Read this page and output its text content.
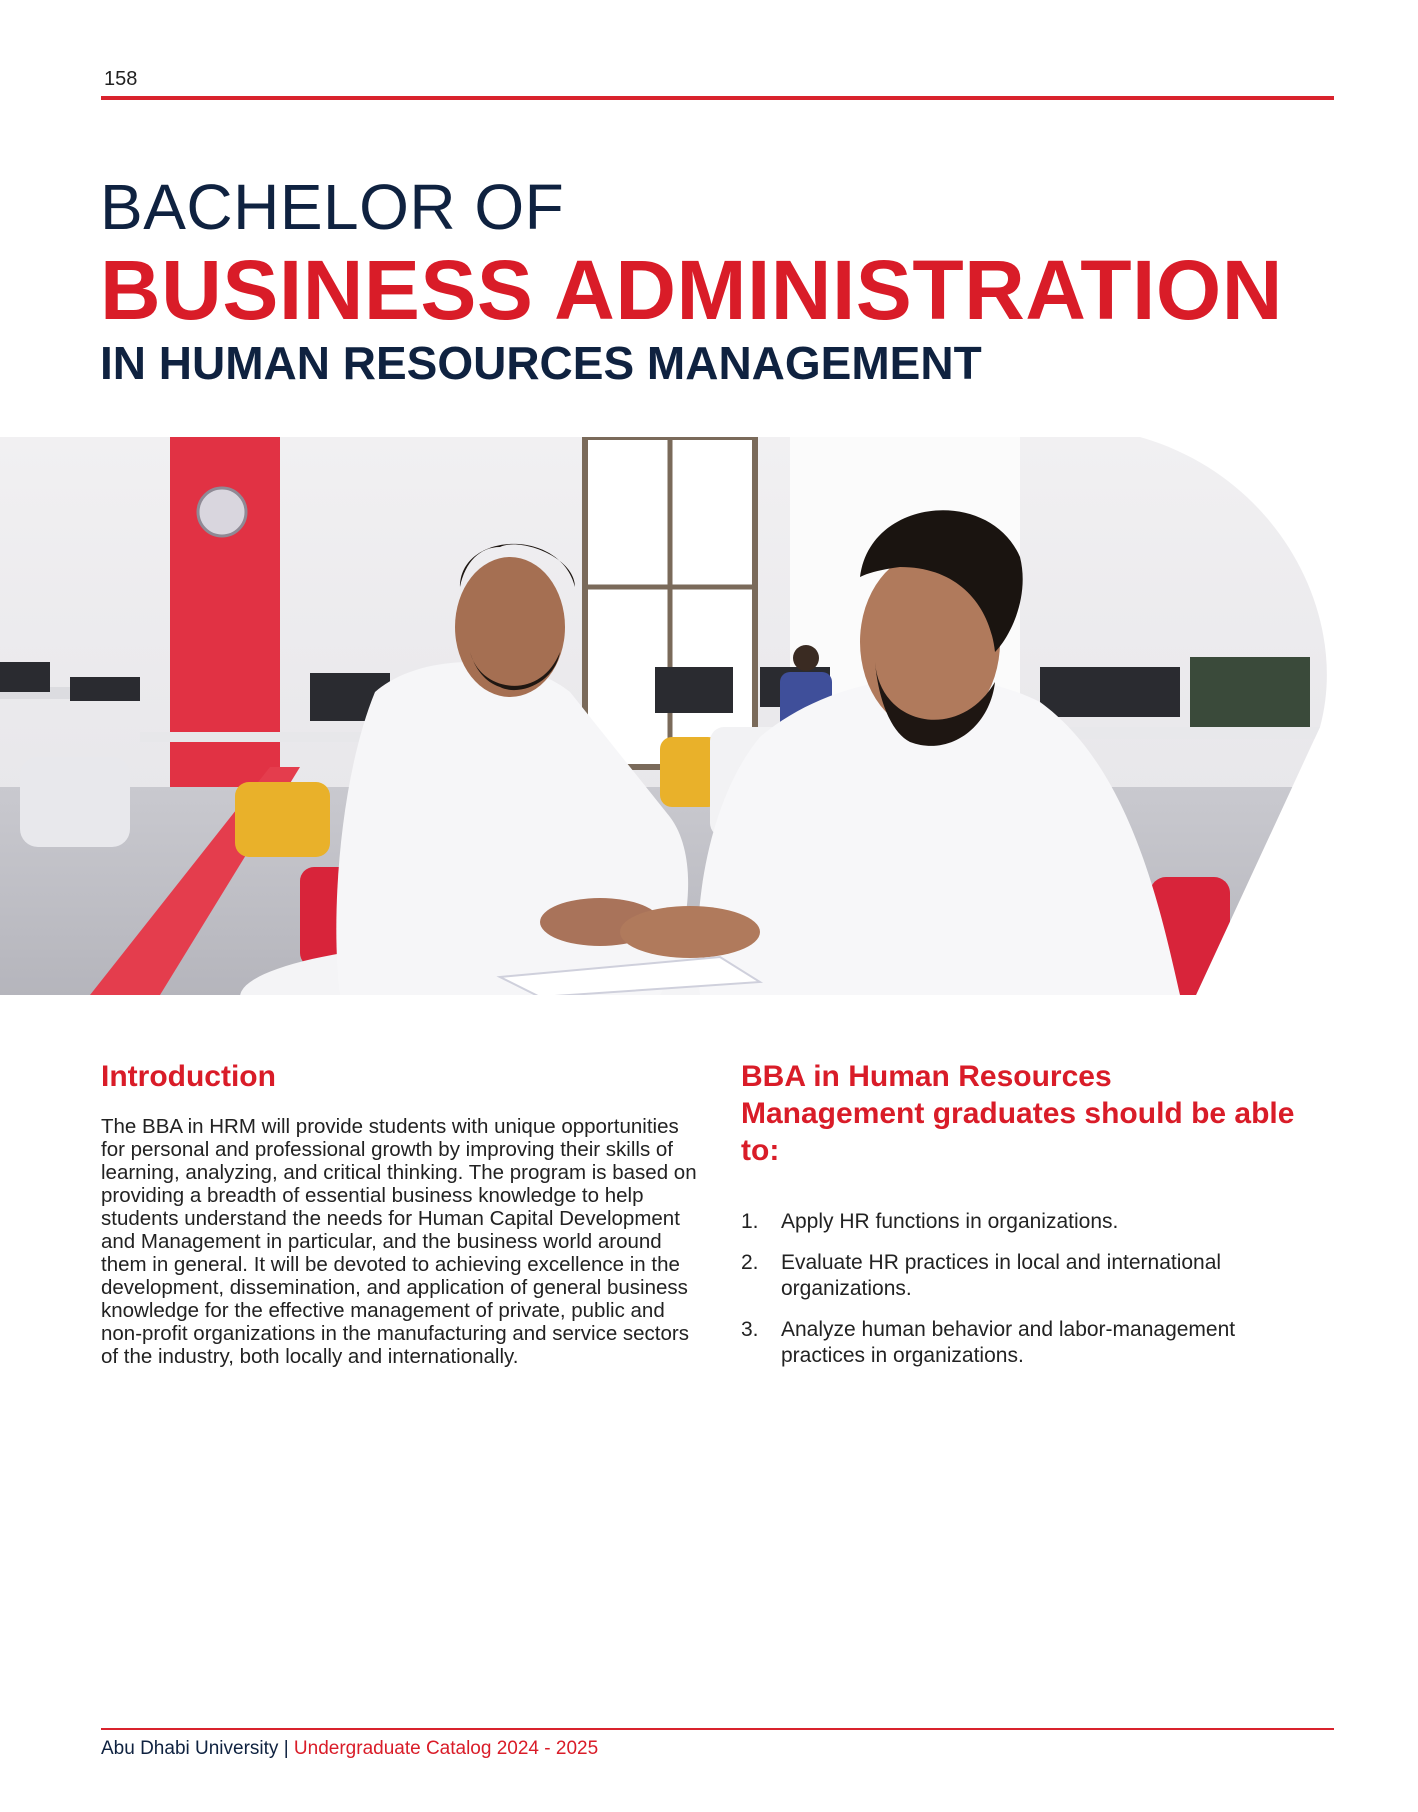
158
BACHELOR OF
BUSINESS ADMINISTRATION
IN HUMAN RESOURCES MANAGEMENT
Introduction
The BBA in HRM will provide students with unique opportunities for personal and professional growth by improving their skills of learning, analyzing, and critical thinking. The program is based on providing a breadth of essential business knowledge to help students understand the needs for Human Capital Development and Management in particular, and the business world around them in general. It will be devoted to achieving excellence in the development, dissemination, and application of general business knowledge for the effective management of private, public and non-profit organizations in the manufacturing and service sectors of the industry, both locally and internationally.
BBA in Human Resources Management graduates should be able to:
1. Apply HR functions in organizations.
2. Evaluate HR practices in local and international organizations.
3. Analyze human behavior and labor-management practices in organizations.
Abu Dhabi University | Undergraduate Catalog 2024 - 2025
